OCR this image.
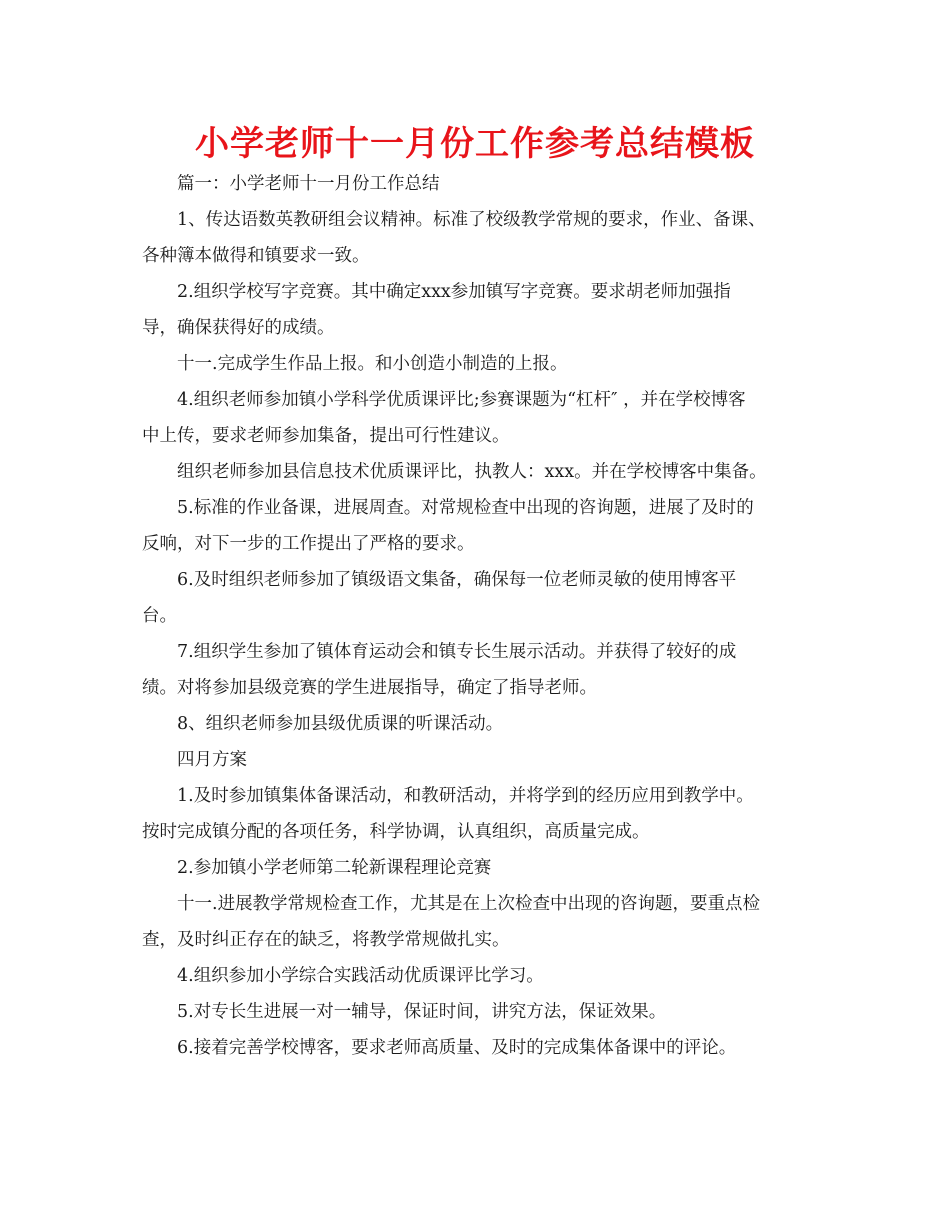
小学老师十一月份工作参考总结模板

篇一：小学老师十一月份工作总结

1、传达语数英教研组会议精神。标准了校级教学常规的要求，作业、备课、
各种簿本做得和镇要求一致。

2.组织学校写字竞赛。其中确定xxx参加镇写字竞赛。要求胡老师加强指
导，确保获得好的成绩。

十一.完成学生作品上报。和小创造小制造的上报。

4.组织老师参加镇小学科学优质课评比;参赛课题为“杠杆″ ，并在学校博客
中上传，要求老师参加集备，提出可行性建议。

组织老师参加县信息技术优质课评比，执教人：xxx。并在学校博客中集备。

5.标准的作业备课，进展周查。对常规检查中出现的咨询题，进展了及时的
反响，对下一步的工作提出了严格的要求。

6.及时组织老师参加了镇级语文集备，确保每一位老师灵敏的使用博客平
台。

7.组织学生参加了镇体育运动会和镇专长生展示活动。并获得了较好的成
绩。对将参加县级竞赛的学生进展指导，确定了指导老师。

8、组织老师参加县级优质课的听课活动。

四月方案

1.及时参加镇集体备课活动，和教研活动，并将学到的经历应用到教学中。
按时完成镇分配的各项任务，科学协调，认真组织，高质量完成。

2.参加镇小学老师第二轮新课程理论竞赛

十一.进展教学常规检查工作，尤其是在上次检查中出现的咨询题，要重点检
查，及时纠正存在的缺乏，将教学常规做扎实。

4.组织参加小学综合实践活动优质课评比学习。

5.对专长生进展一对一辅导，保证时间，讲究方法，保证效果。

6.接着完善学校博客，要求老师高质量、及时的完成集体备课中的评论。
